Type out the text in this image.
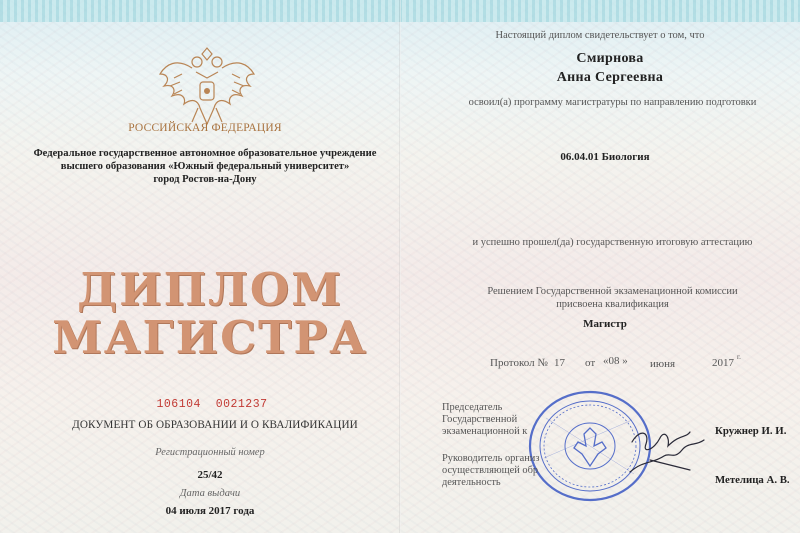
РОССИЙСКАЯ ФЕДЕРАЦИЯ
Федеральное государственное автономное образовательное учреждение
высшего образования «Южный федеральный университет»
город Ростов-на-Дону
ДИПЛОМ
МАГИСТРА
106104  0021237
ДОКУМЕНТ ОБ ОБРАЗОВАНИИ И О КВАЛИФИКАЦИИ
Регистрационный номер
25/42
Дата выдачи
04 июля 2017 года
Настоящий диплом свидетельствует о том, что
Смирнова
Анна Сергеевна
освоил(а) программу магистратуры по направлению подготовки
06.04.01 Биология
и успешно прошел(да) государственную итоговую аттестацию
Решением Государственной экзаменационной комиссии
присвоена квалификация
Магистр
Протокол № 17 от «08 » июня	2017 г.
Председатель
Государственной
экзаменационной к	Кружнер И. И.
Руководитель организ
осуществляющей обр
деятельность	Метелица А. В.
